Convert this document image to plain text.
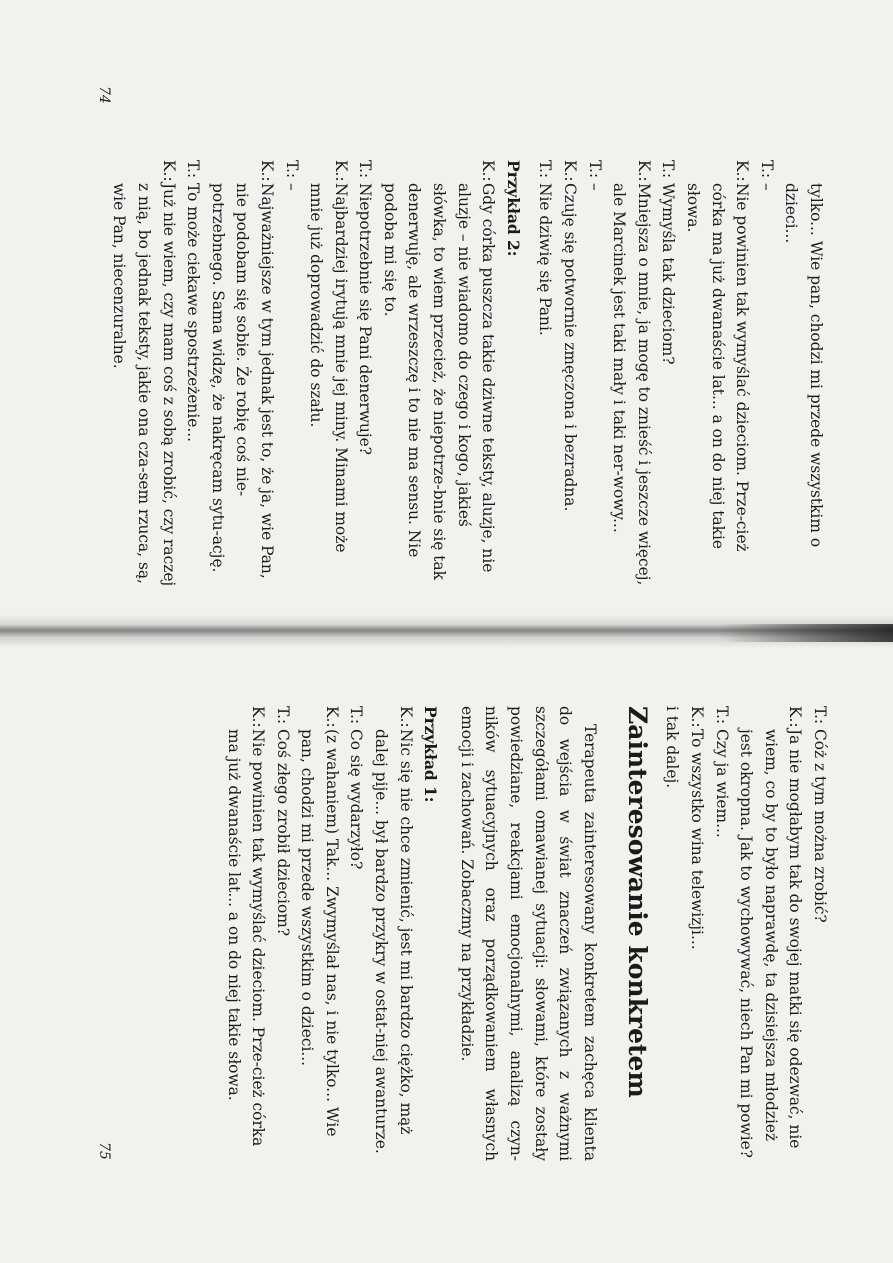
tylko... Wie pan, chodzi mi przede wszystkim o dzieci...
T.:
–
K.:
Nie powinien tak wymyślać dzieciom. Prze-cież córka ma już dwanaście lat... a on do niej takie słowa.
T.:
Wymyśla tak dzieciom?
K.:
Mniejsza o mnie, ja mogę to znieść i jeszcze więcej, ale Marcinek jest taki mały i taki ner-wowy...
T.:
–
K.:
Czuję się potwornie zmęczona i bezradna.
T.:
Nie dziwię się Pani.

Przykład 2:

K.:
Gdy córka puszcza takie dziwne teksty, aluzje, nie aluzje – nie wiadomo do czego i kogo, jakieś słówka, to wiem przecież, że niepotrze-bnie się tak denerwuję, ale wrzeszczę i to nie ma sensu. Nie podoba mi się to.
T.:
Niepotrzebnie się Pani denerwuje?
K.:
Najbardziej irytują mnie jej miny. Minami może mnie już doprowadzić do szału.
T.:
–
K.:
Najważniejsze w tym jednak jest to, że ja, wie Pan, nie podobam się sobie. Że robię coś nie-potrzebnego. Sama widzę, że nakręcam sytu-ację.
T.:
To może ciekawe spostrzeżenie...
K.:
Już nie wiem, czy mam coś z sobą zrobić, czy raczej z nią, bo jednak teksty, jakie ona cza-sem rzuca, są, wie Pan, niecenzuralne.
T.:
Cóż z tym można zrobić?
K.:
Ja nie mogłabym tak do swojej matki się odezwać, nie wiem, co by to było naprawdę, ta dzisiejsza młodzież jest okropna. Jak to wychowywać, niech Pan mi powie?
T.:
Czy ja wiem...
K.:
To wszystko wina telewizji...
i tak dalej.

Zainteresowanie konkretem

Terapeuta zainteresowany konkretem zachęca klienta do wejścia w świat znaczeń związanych z ważnymi szczegółami omawianej sytuacji: słowami, które zostały powiedziane, reakcjami emocjonalnymi, analizą czyn-ników sytuacyjnych oraz porządkowaniem własnych emocji i zachowań. Zobaczmy na przykładzie.

Przykład 1:

K.:
Nic się nie chce zmienić, jest mi bardzo ciężko, mąż dalej pije... był bardzo przykry w ostat-niej awanturze.
T.:
Co się wydarzyło?
K.:
(z wahaniem) Tak... Zwymyślał nas, i nie tylko... Wie pan, chodzi mi przede wszystkim o dzieci...
T.:
Coś złego zrobił dzieciom?
K.:
Nie powinien tak wymyślać dzieciom. Prze-cież córka ma już dwanaście lat... a on do niej takie słowa.
74
75
